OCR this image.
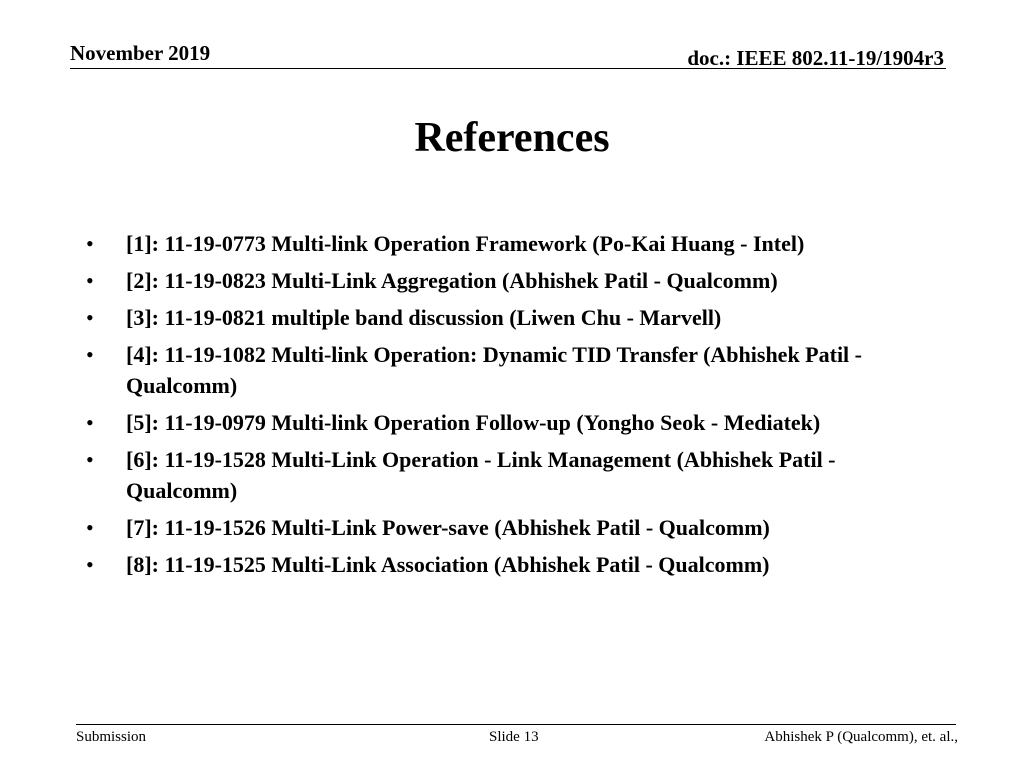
November 2019	doc.: IEEE 802.11-19/1904r3
References
• [1]: 11-19-0773 Multi-link Operation Framework (Po-Kai Huang - Intel)
• [2]: 11-19-0823 Multi-Link Aggregation (Abhishek Patil - Qualcomm)
• [3]: 11-19-0821 multiple band discussion (Liwen Chu - Marvell)
• [4]: 11-19-1082 Multi-link Operation: Dynamic TID Transfer (Abhishek Patil - Qualcomm)
• [5]: 11-19-0979 Multi-link Operation Follow-up (Yongho Seok - Mediatek)
• [6]: 11-19-1528 Multi-Link Operation - Link Management (Abhishek Patil - Qualcomm)
• [7]: 11-19-1526 Multi-Link Power-save (Abhishek Patil - Qualcomm)
• [8]: 11-19-1525 Multi-Link Association (Abhishek Patil - Qualcomm)
Submission	Slide 13	Abhishek P (Qualcomm), et. al.,
